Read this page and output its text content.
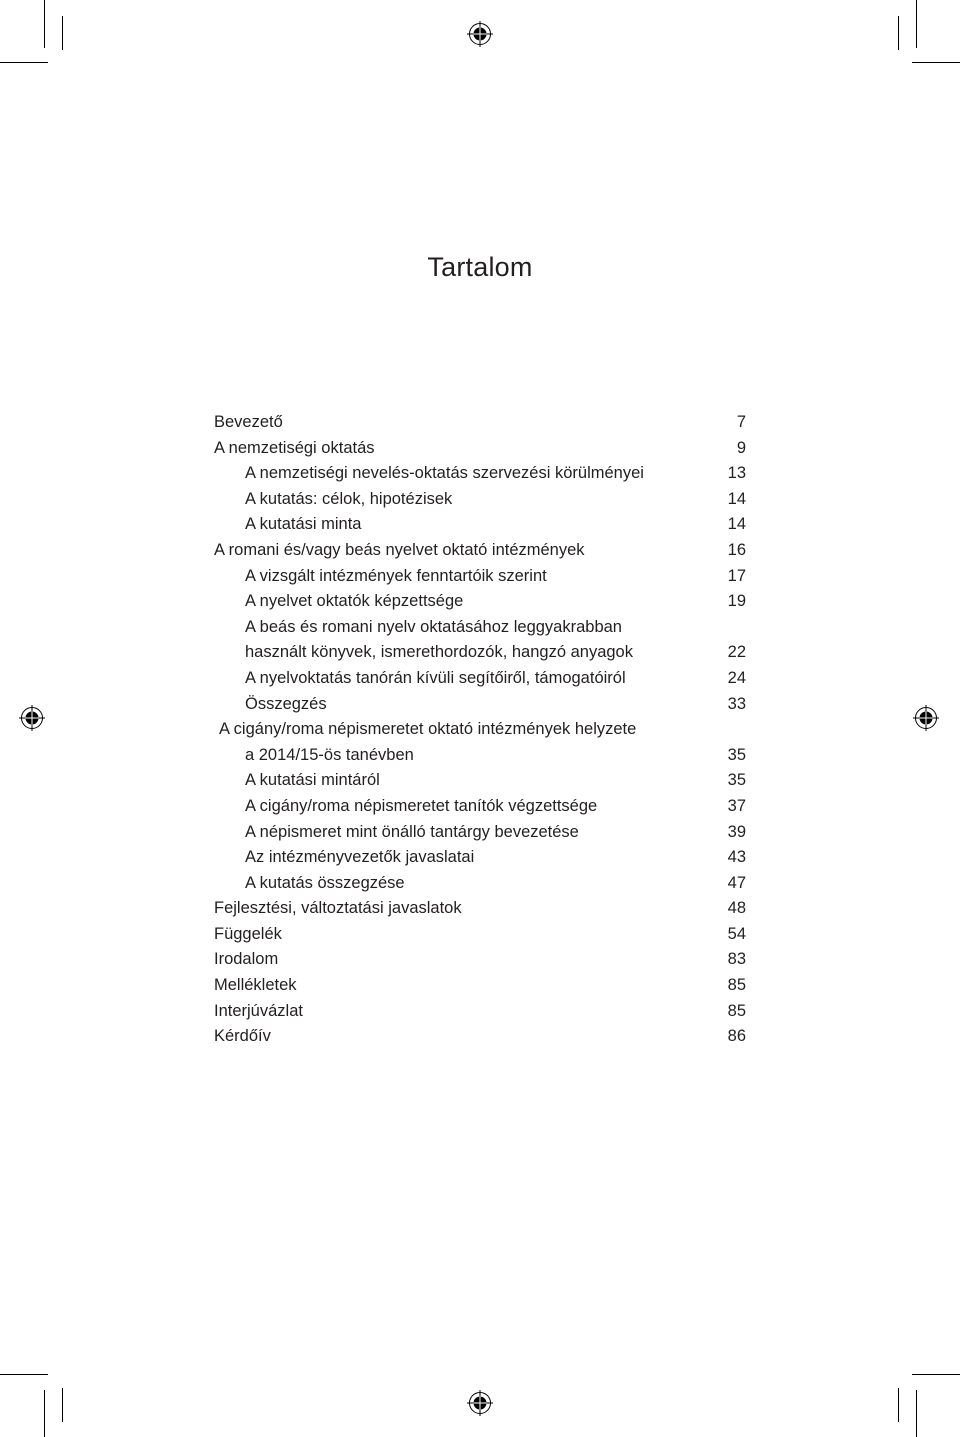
Tartalom
Bevezető	7
A nemzetiségi oktatás	9
A nemzetiségi nevelés-oktatás szervezési körülményei	13
A kutatás: célok, hipotézisek	14
A kutatási minta	14
A romani és/vagy beás nyelvet oktató intézmények	16
A vizsgált intézmények fenntartóik szerint	17
A nyelvet oktatók képzettsége	19
A beás és romani nyelv oktatásához leggyakrabban
használt könyvek, ismerethordozók, hangzó anyagok	22
A nyelvoktatás tanórán kívüli segítőiről, támogatóiról	24
Összegzés	33
A cigány/roma népismeretet oktató intézmények helyzete
a 2014/15-ös tanévben	35
A kutatási mintáról	35
A cigány/roma népismeretet tanítók végzettsége	37
A népismeret mint önálló tantárgy bevezetése	39
Az intézményvezetők javaslatai	43
A kutatás összegzése	47
Fejlesztési, változtatási javaslatok	48
Függelék	54
Irodalom	83
Mellékletek	85
Interjúvázlat	85
Kérdőív	86
